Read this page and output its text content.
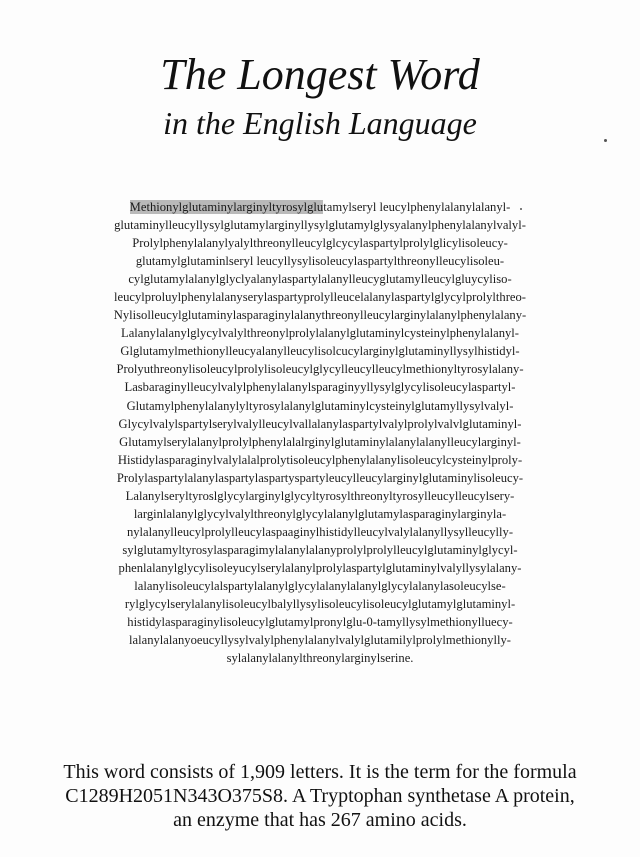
The Longest Word
in the English Language
Methionylglutaminylarginyltyrosylglutamylseryl leucylphenylalanylalanyl-
glutaminylleucyllysylglutamylarginyllysylglutamylglysyalanylphenylalanylvalyl-
Prolylphenylalanylyalylthreonylleucylglcycylaspartylprolylglicylisoleucy-
glutamylglutaminlseryl leucyllysylisoleucylaspartylthreonylleucylisoleu-
cylglutamylalanylglyclyalanylaspartylalanylleucyglutamylleucylgluycyliso-
leucylproluylphenylalanyserylaspartyprolylleucelalanylaspartylglycylprolylthreo-
Nylisolleucylglutaminylasparaginylalanythreonylleucylarginylalanylphenylalany-
Lalanylalanylglycylvalylthreonylprolylalanylglutaminylcysteinylphenylalanyl-
Glglutamylmethionylleucyalanylleucylisolcucylarginylglutaminyllysylhistidyl-
Prolyuthreonylisoleucylprolylisoleucylglycylleucylleucylmethionyltyrosylalany-
Lasbaraginylleucylvalylphenylalanylsparaginyyllysylglycylisoleucylaspartyl-
Glutamylphenylalanylyltyrosylalanylglutaminylcysteinylglutamyllysylvalyl-
Glycylvalylspartylserylvalylleucylvallalanylaspartylvalylprolylvalvlglutaminyl-
Glutamylserylalanylprolylphenylalalrginylglutaminylalanylalanylleucylarginyl-
Histidylasparaginylvalylalalprolytisoleucylphenylalanylisoleucylcysteinylproly-
Prolylaspartylalanylaspartylaspartyspartyleucylleucylarginylglutaminylisoleucy-
Lalanylseryltyroslglycylarginylglycyltyrosylthreonyltyrosylleucylleucylsery-
larginlalanylglycylvalylthreonylglycylalanylglutamylasparaginylarginyla-
nylalanylleucylprolylleucylaspaaginylhistidylleucylvalylalanyllysylleucylly-
sylglutamyltyrosylasparagimylalanylalanyprolylprolylleucylglutaminylglycyl-
phenlalanylglycylisoleyucylserylalanylprolylaspartylglutaminylvalyllysylalany-
lalanylisoleucylalspartylalanylglycylalanylalanylglycylalanylasoleucylse-
rylglycylserylalanylisoleucylbalyllysylisoleucylisoleucylglutamylglutaminyl-
histidylasparaginylisoleucylglutamylpronylglu-0-tamyllysylmethionylluecy-
lalanylalanyoeucyllysylvalylphenylalanylvalylglutamilylprolylmethionylly-
sylalanylalanylthreonylarginylserine.
This word consists of 1,909 letters. It is the term for the formula
C1289H2051N343O375S8. A Tryptophan synthetase A protein,
an enzyme that has 267 amino acids.
